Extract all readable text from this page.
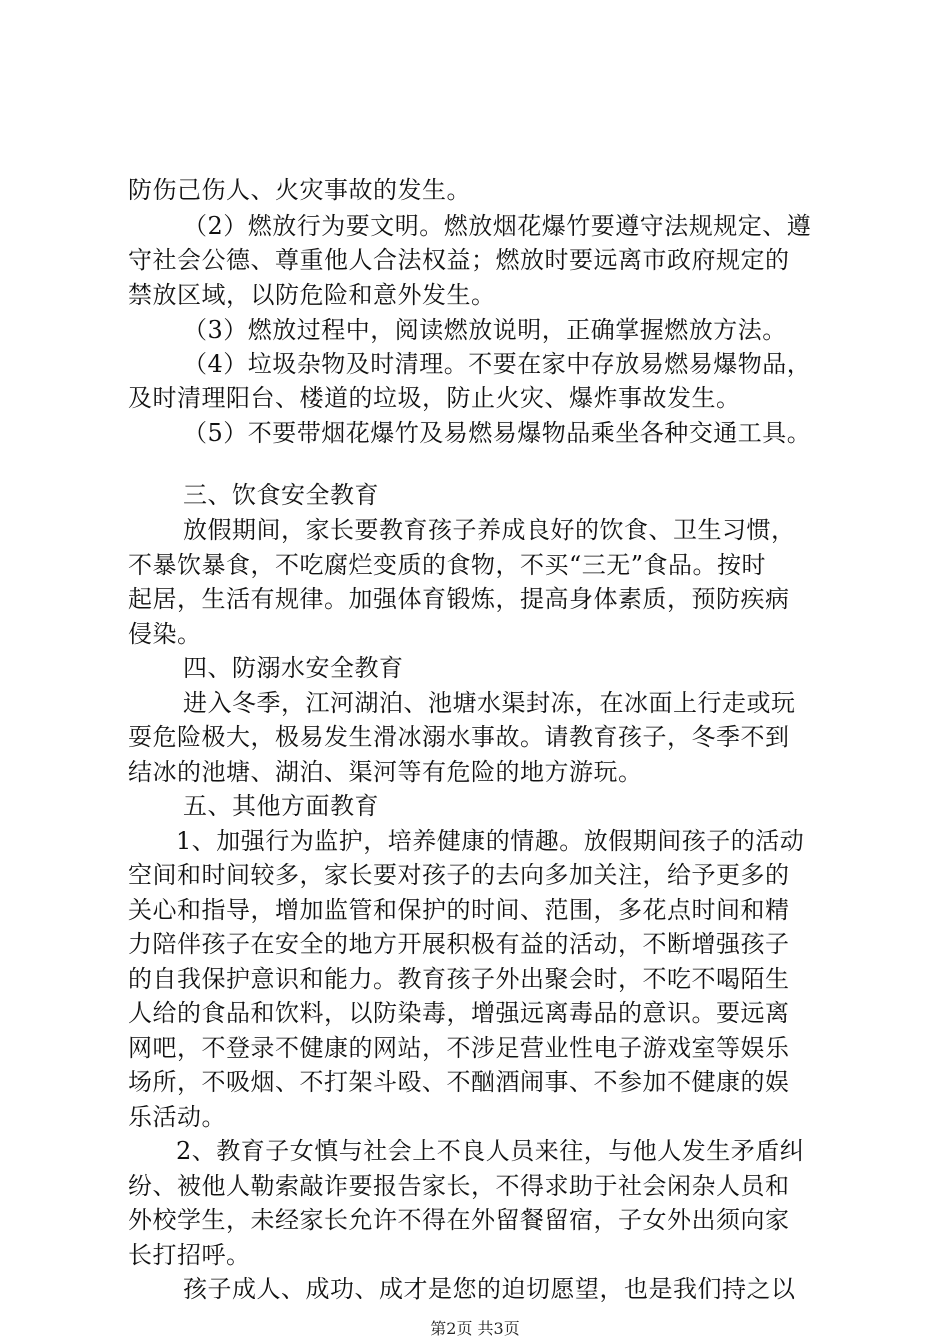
防伤己伤人、火灾事故的发生。
（2）燃放行为要文明。燃放烟花爆竹要遵守法规规定、遵
守社会公德、尊重他人合法权益；燃放时要远离市政府规定的
禁放区域，以防危险和意外发生。
（3）燃放过程中，阅读燃放说明，正确掌握燃放方法。
（4）垃圾杂物及时清理。不要在家中存放易燃易爆物品，
及时清理阳台、楼道的垃圾，防止火灾、爆炸事故发生。
（5）不要带烟花爆竹及易燃易爆物品乘坐各种交通工具。
三、饮食安全教育
放假期间，家长要教育孩子养成良好的饮食、卫生习惯，
不暴饮暴食，不吃腐烂变质的食物，不买“三无”食品。按时
起居，生活有规律。加强体育锻炼，提高身体素质，预防疾病
侵染。
四、防溺水安全教育
进入冬季，江河湖泊、池塘水渠封冻，在冰面上行走或玩
耍危险极大，极易发生滑冰溺水事故。请教育孩子，冬季不到
结冰的池塘、湖泊、渠河等有危险的地方游玩。
五、其他方面教育
1、加强行为监护，培养健康的情趣。放假期间孩子的活动
空间和时间较多，家长要对孩子的去向多加关注，给予更多的
关心和指导，增加监管和保护的时间、范围，多花点时间和精
力陪伴孩子在安全的地方开展积极有益的活动，不断增强孩子
的自我保护意识和能力。教育孩子外出聚会时，不吃不喝陌生
人给的食品和饮料，以防染毒，增强远离毒品的意识。要远离
网吧，不登录不健康的网站，不涉足营业性电子游戏室等娱乐
场所，不吸烟、不打架斗殴、不酗酒闹事、不参加不健康的娱
乐活动。
2、教育子女慎与社会上不良人员来往，与他人发生矛盾纠
纷、被他人勒索敲诈要报告家长，不得求助于社会闲杂人员和
外校学生，未经家长允许不得在外留餐留宿，子女外出须向家
长打招呼。
孩子成人、成功、成才是您的迫切愿望，也是我们持之以
第2页 共3页
